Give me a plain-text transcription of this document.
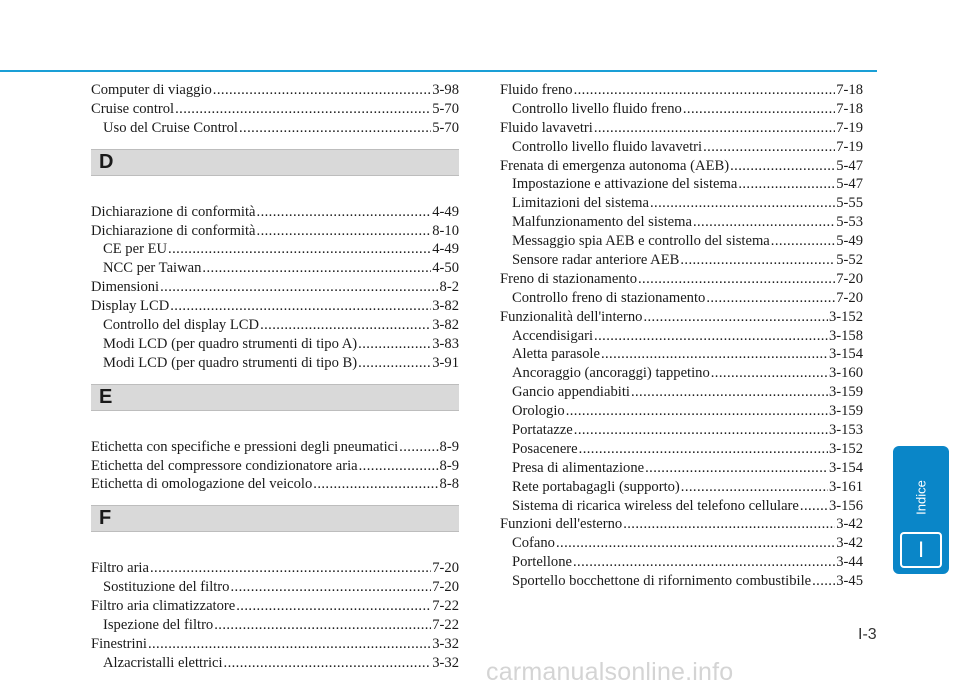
Computer di viaggio .....	3-98
Cruise control .....	5-70
Uso del Cruise Control .....	5-70
D
Dichiarazione di conformità .....	4-49
Dichiarazione di conformità .....	8-10
CE per EU .....	4-49
NCC per Taiwan .....	4-50
Dimensioni .....	8-2
Display LCD .....	3-82
Controllo del display LCD .....	3-82
Modi LCD (per quadro strumenti di tipo A) .....	3-83
Modi LCD (per quadro strumenti di tipo B) .....	3-91
E
Etichetta con specifiche e pressioni degli pneumatici .....	8-9
Etichetta del compressore condizionatore aria .....	8-9
Etichetta di omologazione del veicolo .....	8-8
F
Filtro aria .....	7-20
Sostituzione del filtro .....	7-20
Filtro aria climatizzatore .....	7-22
Ispezione del filtro .....	7-22
Finestrini .....	3-32
Alzacristalli elettrici .....	3-32
Fluido freno .....	7-18
Controllo livello fluido freno .....	7-18
Fluido lavavetri .....	7-19
Controllo livello fluido lavavetri .....	7-19
Frenata di emergenza autonoma (AEB) .....	5-47
Impostazione e attivazione del sistema .....	5-47
Limitazioni del sistema .....	5-55
Malfunzionamento del sistema .....	5-53
Messaggio spia AEB e controllo del sistema .....	5-49
Sensore radar anteriore AEB .....	5-52
Freno di stazionamento .....	7-20
Controllo freno di stazionamento .....	7-20
Funzionalità dell'interno .....	3-152
Accendisigari .....	3-158
Aletta parasole .....	3-154
Ancoraggio (ancoraggi) tappetino .....	3-160
Gancio appendiabiti .....	3-159
Orologio .....	3-159
Portatazze .....	3-153
Posacenere .....	3-152
Presa di alimentazione .....	3-154
Rete portabagagli (supporto) .....	3-161
Sistema di ricarica wireless del telefono cellulare ..... 3-156
Funzioni dell'esterno .....	3-42
Cofano .....	3-42
Portellone .....	3-44
Sportello bocchettone di rifornimento combustibile ..... 3-45
Indice
I
I-3
carmanualsonline.info
